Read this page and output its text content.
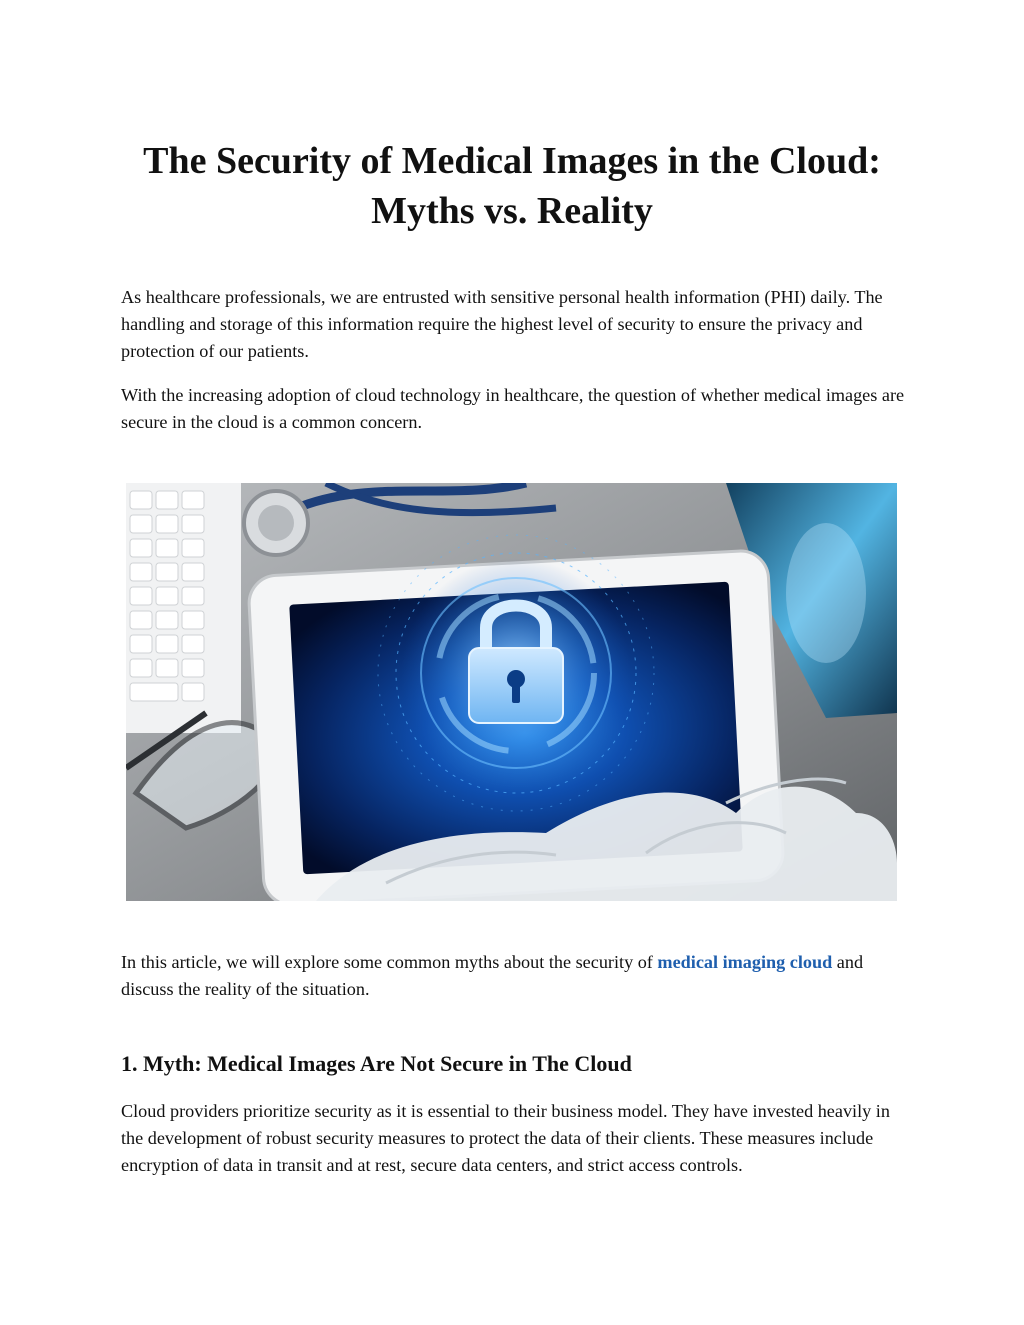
The Security of Medical Images in the Cloud:
Myths vs. Reality

As healthcare professionals, we are entrusted with sensitive personal health information (PHI) daily. The handling and storage of this information require the highest level of security to ensure the privacy and protection of our patients.

With the increasing adoption of cloud technology in healthcare, the question of whether medical images are secure in the cloud is a common concern.

In this article, we will explore some common myths about the security of medical imaging cloud and discuss the reality of the situation.

1. Myth: Medical Images Are Not Secure in The Cloud

Cloud providers prioritize security as it is essential to their business model. They have invested heavily in the development of robust security measures to protect the data of their clients. These measures include encryption of data in transit and at rest, secure data centers, and strict access controls.
